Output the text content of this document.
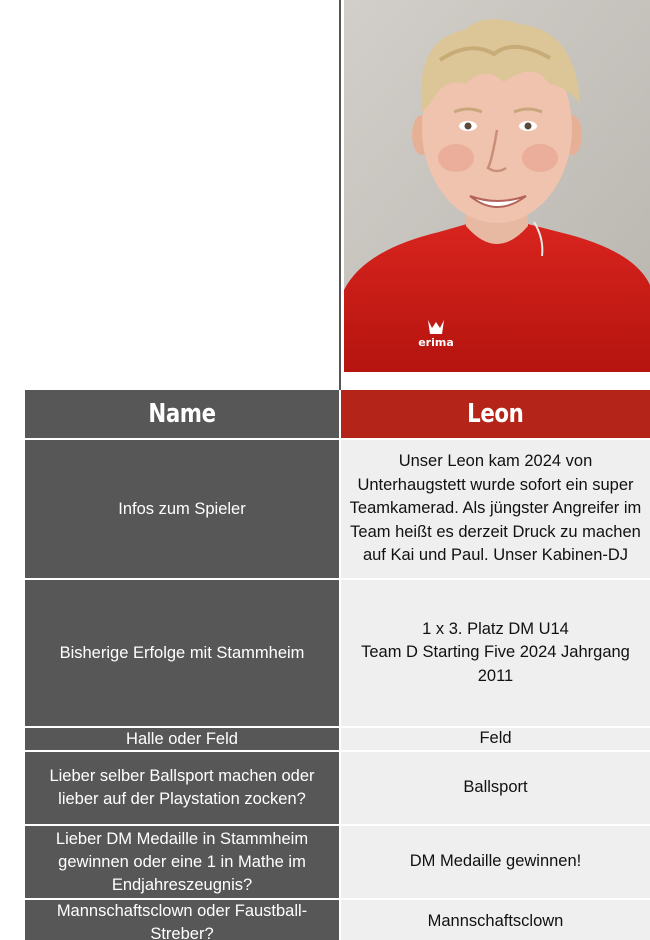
erima
Name	Leon
Infos zum Spieler
Unser Leon kam 2024 von Unterhaugstett wurde sofort ein super Teamkamerad. Als jüngster Angreifer im Team heißt es derzeit Druck zu machen auf Kai und Paul. Unser Kabinen-DJ
Bisherige Erfolge mit Stammheim
1 x 3. Platz DM U14
Team D Starting Five 2024 Jahrgang 2011
Halle oder Feld	Feld
Lieber selber Ballsport machen oder lieber auf der Playstation zocken?
Ballsport
Lieber DM Medaille in Stammheim gewinnen oder eine 1 in Mathe im Endjahreszeugnis?
DM Medaille gewinnen!
Mannschaftsclown oder Faustball-Streber?
Mannschaftsclown
